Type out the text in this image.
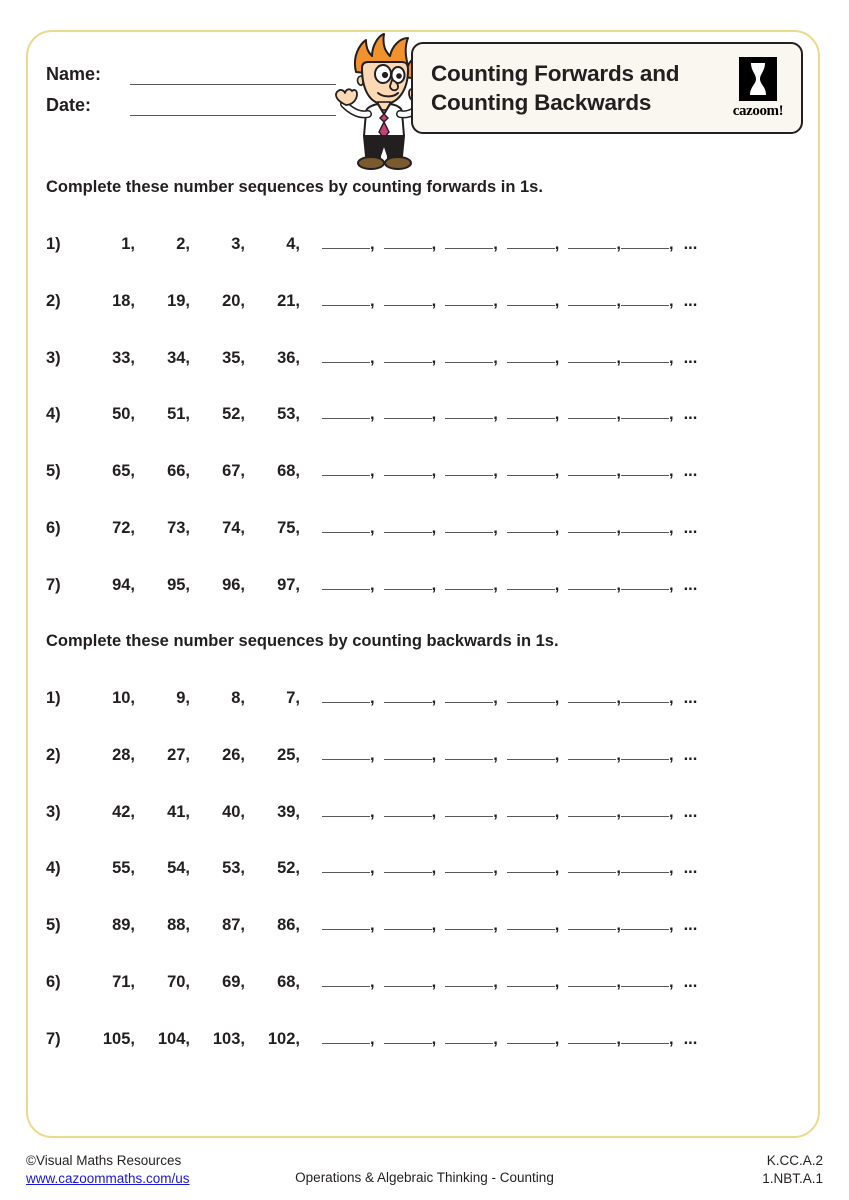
Name:
Date:
Counting Forwards and
Counting Backwards	cazoom!
Complete these number sequences by counting forwards in 1s.
1)	1,	2,	3,	4,	,	,	,	,	,	, ...
2)	18,	19,	20,	21,	,	,	,	,	,	, ...
3)	33,	34,	35,	36,	,	,	,	,	,	, ...
4)	50,	51,	52,	53,	,	,	,	,	,	, ...
5)	65,	66,	67,	68,	,	,	,	,	,	, ...
6)	72,	73,	74,	75,	,	,	,	,	,	, ...
7)	94,	95,	96,	97,	,	,	,	,	,	, ...
Complete these number sequences by counting backwards in 1s.
1)	10,	9,	8,	7,	,	,	,	,	,	, ...
2)	28,	27,	26,	25,	,	,	,	,	,	, ...
3)	42,	41,	40,	39,	,	,	,	,	,	, ...
4)	55,	54,	53,	52,	,	,	,	,	,	, ...
5)	89,	88,	87,	86,	,	,	,	,	,	, ...
6)	71,	70,	69,	68,	,	,	,	,	,	, ...
7)	105,	104,	103,	102,	,	,	,	,	,	, ...
©Visual Maths Resources
www.cazoommaths.com/us	Operations & Algebraic Thinking - Counting
K.CC.A.2
1.NBT.A.1
